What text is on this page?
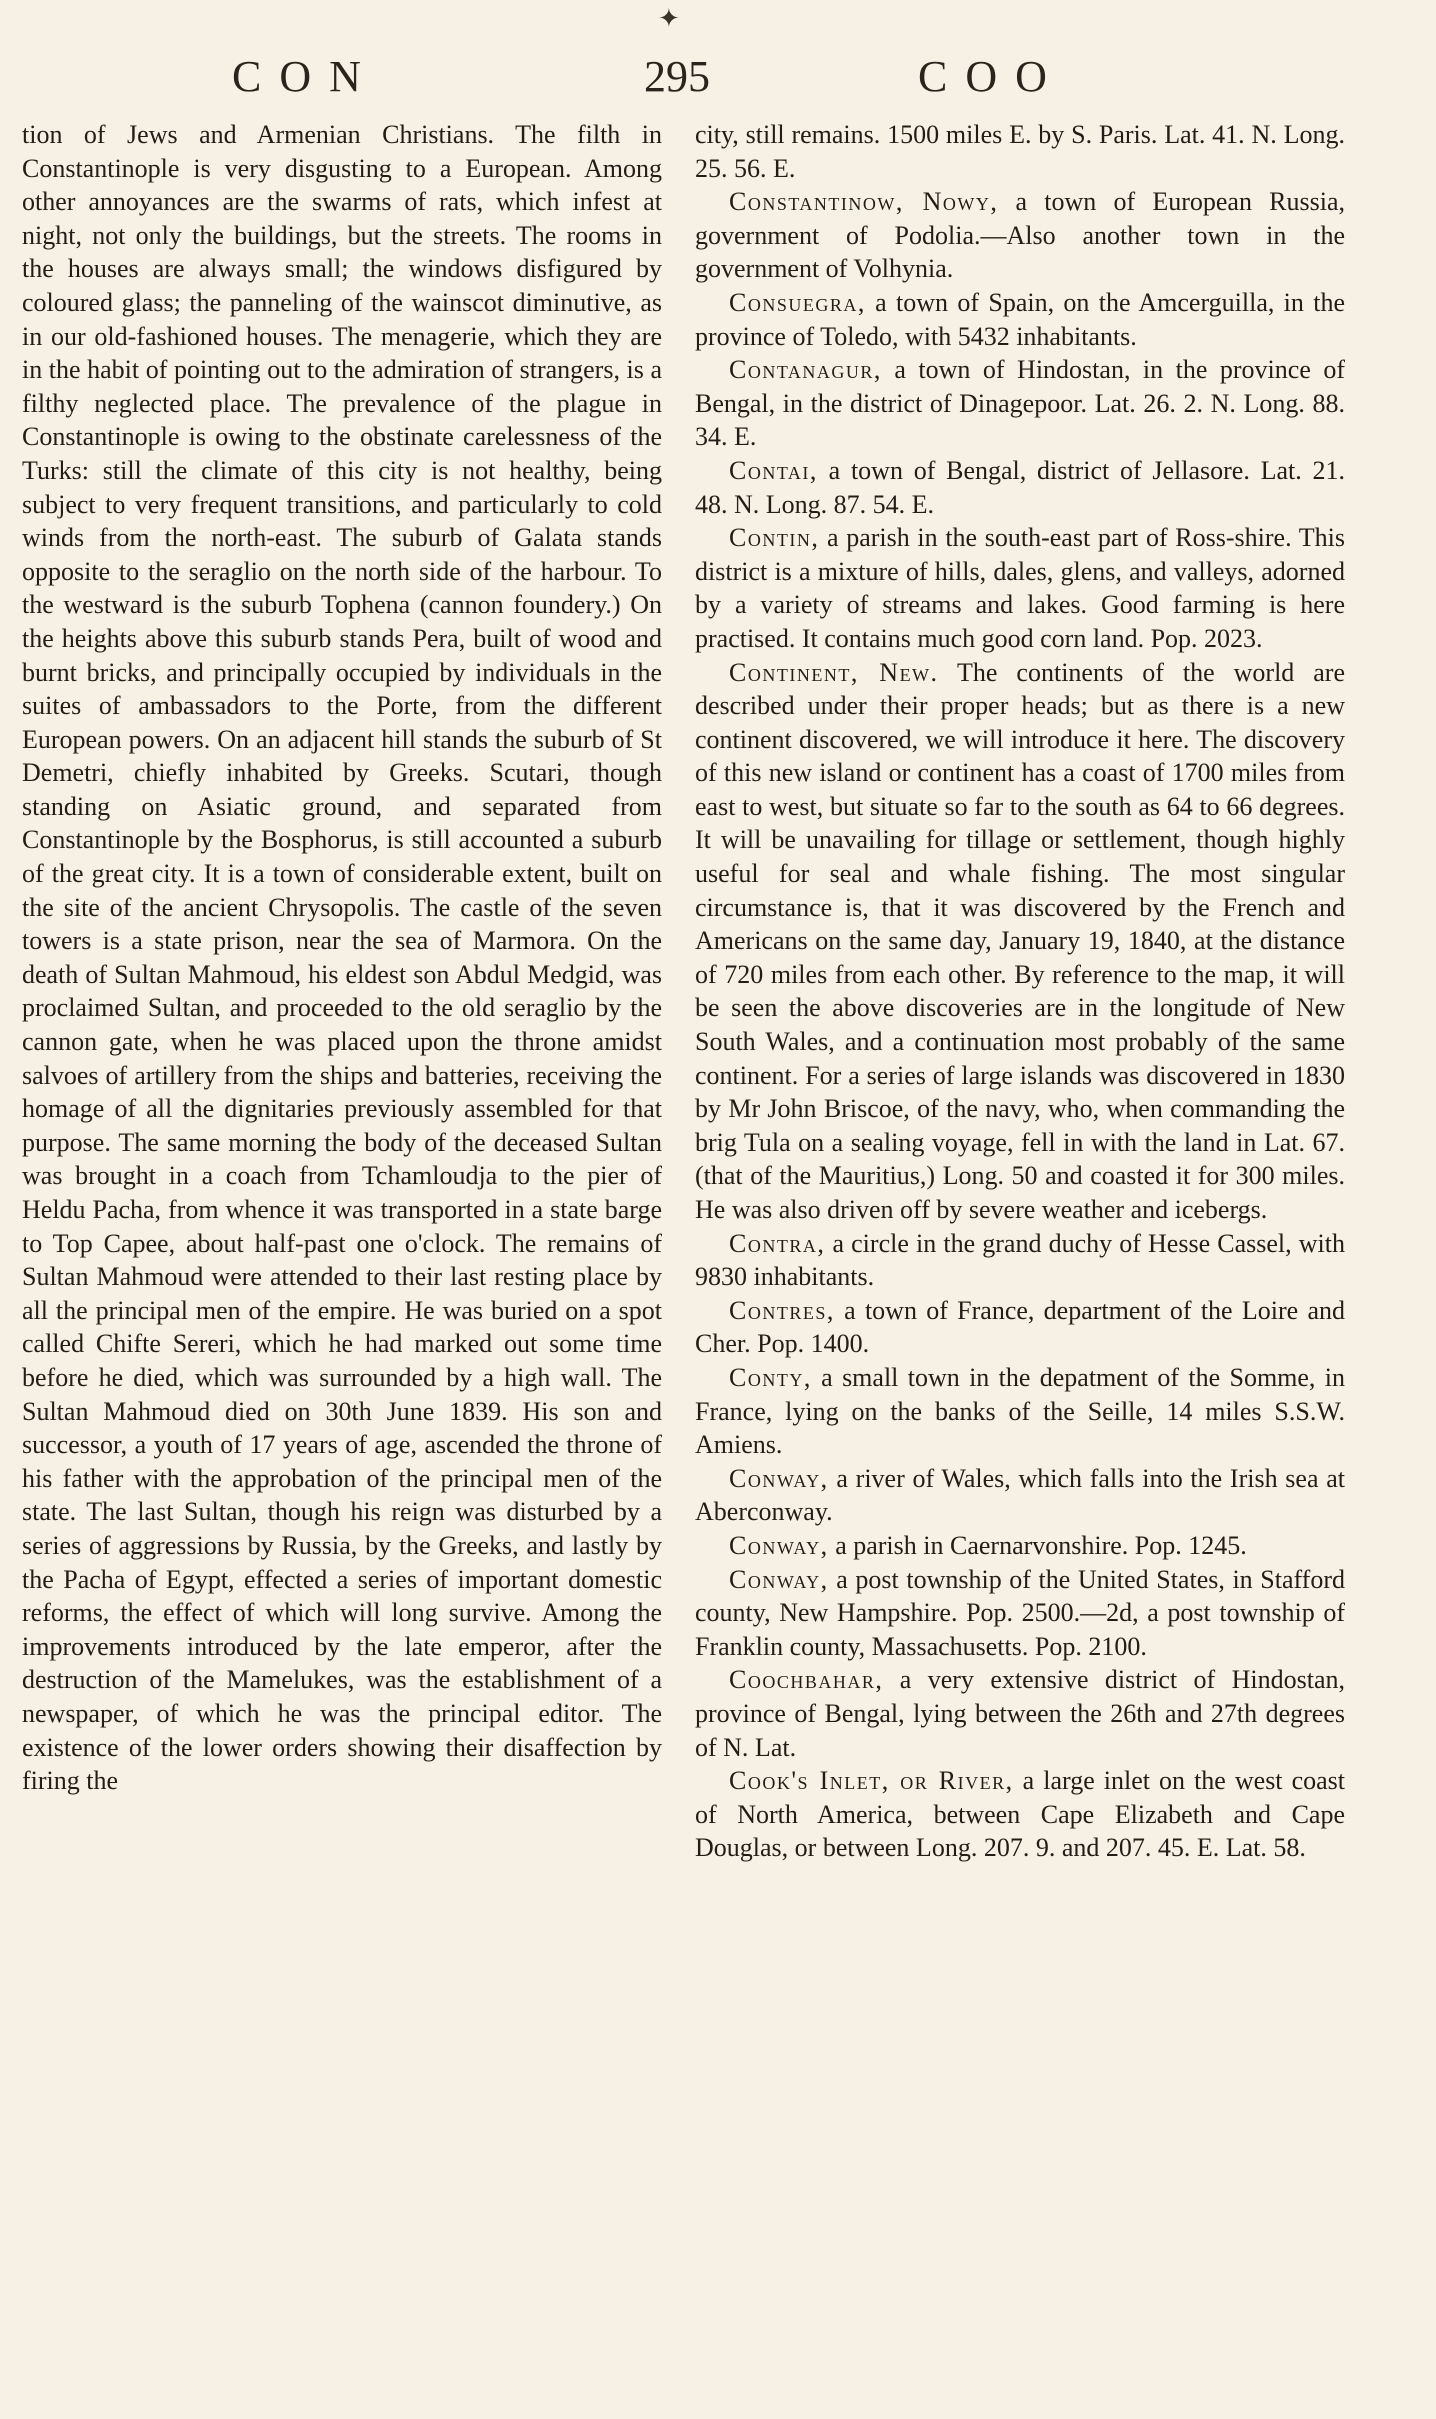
✦
CON	295	COO

tion of Jews and Armenian Christians. The filth in Constantinople is very disgusting to a European. Among other annoyances are the swarms of rats, which infest at night, not only the buildings, but the streets. The rooms in the houses are always small; the windows disfigured by coloured glass; the panneling of the wainscot diminutive, as in our old-fashioned houses. The menagerie, which they are in the habit of pointing out to the admiration of strangers, is a filthy neglected place. The prevalence of the plague in Constantinople is owing to the obstinate carelessness of the Turks: still the climate of this city is not healthy, being subject to very frequent transitions, and particularly to cold winds from the north-east. The suburb of Galata stands opposite to the seraglio on the north side of the harbour. To the westward is the suburb Tophena (cannon foundery.) On the heights above this suburb stands Pera, built of wood and burnt bricks, and principally occupied by individuals in the suites of ambassadors to the Porte, from the different European powers. On an adjacent hill stands the suburb of St Demetri, chiefly inhabited by Greeks. Scutari, though standing on Asiatic ground, and separated from Constantinople by the Bosphorus, is still accounted a suburb of the great city. It is a town of considerable extent, built on the site of the ancient Chrysopolis. The castle of the seven towers is a state prison, near the sea of Marmora. On the death of Sultan Mahmoud, his eldest son Abdul Medgid, was proclaimed Sultan, and proceeded to the old seraglio by the cannon gate, when he was placed upon the throne amidst salvoes of artillery from the ships and batteries, receiving the homage of all the dignitaries previously assembled for that purpose. The same morning the body of the deceased Sultan was brought in a coach from Tchamloudja to the pier of Heldu Pacha, from whence it was transported in a state barge to Top Capee, about half-past one o'clock. The remains of Sultan Mahmoud were attended to their last resting place by all the principal men of the empire. He was buried on a spot called Chifte Sereri, which he had marked out some time before he died, which was surrounded by a high wall. The Sultan Mahmoud died on 30th June 1839. His son and successor, a youth of 17 years of age, ascended the throne of his father with the approbation of the principal men of the state. The last Sultan, though his reign was disturbed by a series of aggressions by Russia, by the Greeks, and lastly by the Pacha of Egypt, effected a series of important domestic reforms, the effect of which will long survive. Among the improvements introduced by the late emperor, after the destruction of the Mamelukes, was the establishment of a newspaper, of which he was the principal editor. The existence of the lower orders showing their disaffection by firing the

city, still remains. 1500 miles E. by S. Paris. Lat. 41. N. Long. 25. 56. E.

Constantinow, Nowy, a town of European Russia, government of Podolia.—Also another town in the government of Volhynia.

Consuegra, a town of Spain, on the Amcerguilla, in the province of Toledo, with 5432 inhabitants.

Contanagur, a town of Hindostan, in the province of Bengal, in the district of Dinagepoor. Lat. 26. 2. N. Long. 88. 34. E.

Contai, a town of Bengal, district of Jellasore. Lat. 21. 48. N. Long. 87. 54. E.

Contin, a parish in the south-east part of Ross-shire. This district is a mixture of hills, dales, glens, and valleys, adorned by a variety of streams and lakes. Good farming is here practised. It contains much good corn land. Pop. 2023.

Continent, New. The continents of the world are described under their proper heads; but as there is a new continent discovered, we will introduce it here. The discovery of this new island or continent has a coast of 1700 miles from east to west, but situate so far to the south as 64 to 66 degrees. It will be unavailing for tillage or settlement, though highly useful for seal and whale fishing. The most singular circumstance is, that it was discovered by the French and Americans on the same day, January 19, 1840, at the distance of 720 miles from each other. By reference to the map, it will be seen the above discoveries are in the longitude of New South Wales, and a continuation most probably of the same continent. For a series of large islands was discovered in 1830 by Mr John Briscoe, of the navy, who, when commanding the brig Tula on a sealing voyage, fell in with the land in Lat. 67. (that of the Mauritius,) Long. 50 and coasted it for 300 miles. He was also driven off by severe weather and icebergs.

Contra, a circle in the grand duchy of Hesse Cassel, with 9830 inhabitants.

Contres, a town of France, department of the Loire and Cher. Pop. 1400.

Conty, a small town in the depatment of the Somme, in France, lying on the banks of the Seille, 14 miles S.S.W. Amiens.

Conway, a river of Wales, which falls into the Irish sea at Aberconway.

Conway, a parish in Caernarvonshire. Pop. 1245.

Conway, a post township of the United States, in Stafford county, New Hampshire. Pop. 2500.—2d, a post township of Franklin county, Massachusetts. Pop. 2100.

Coochbahar, a very extensive district of Hindostan, province of Bengal, lying between the 26th and 27th degrees of N. Lat.

Cook's Inlet, or River, a large inlet on the west coast of North America, between Cape Elizabeth and Cape Douglas, or between Long. 207. 9. and 207. 45. E. Lat. 58.
